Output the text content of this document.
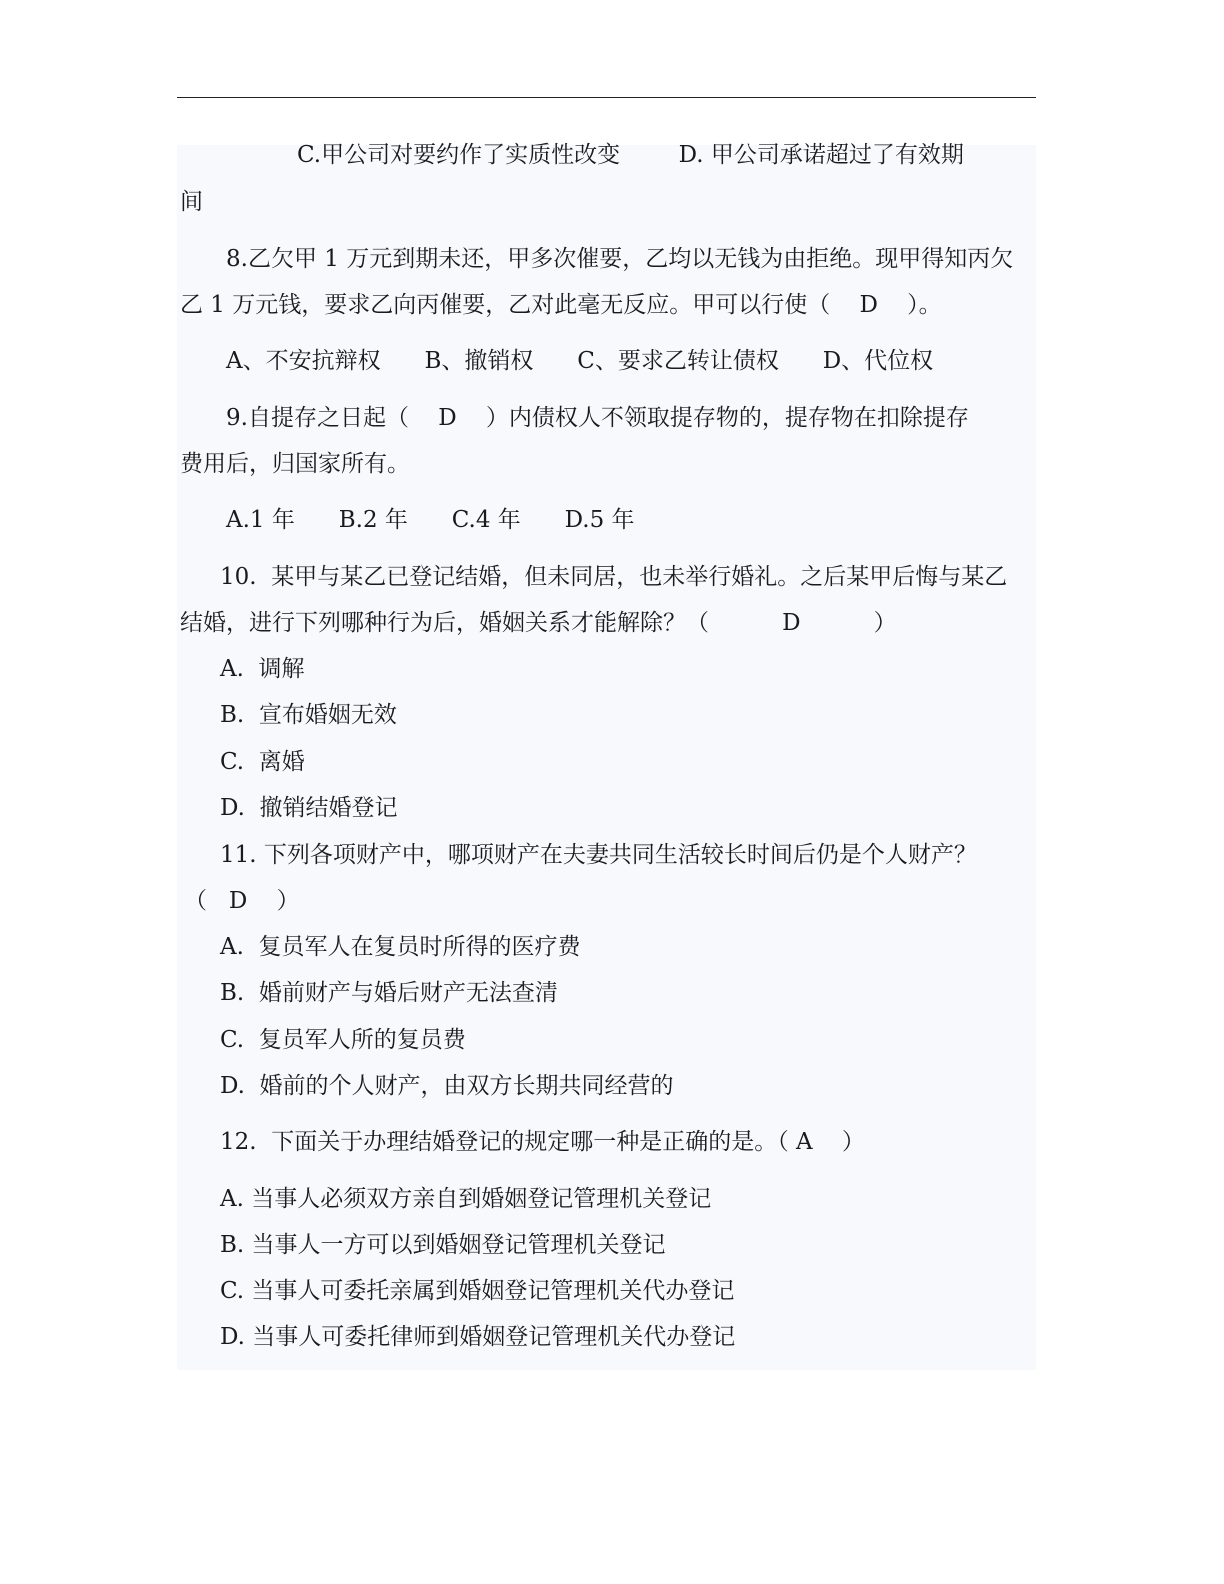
C.甲公司对要约作了实质性改变        D. 甲公司承诺超过了有效期
间
8.乙欠甲 1 万元到期未还，甲多次催要，乙均以无钱为由拒绝。现甲得知丙欠
乙 1 万元钱，要求乙向丙催要，乙对此毫无反应。甲可以行使（    D    ）。
A、不安抗辩权      B、撤销权      C、要求乙转让债权      D、代位权
9.自提存之日起（    D    ）内债权人不领取提存物的，提存物在扣除提存
费用后，归国家所有。
A.1 年      B.2 年      C.4 年      D.5 年
10.  某甲与某乙已登记结婚，但未同居，也未举行婚礼。之后某甲后悔与某乙
结婚，进行下列哪种行为后，婚姻关系才能解除？（          D          ）
A.  调解
B.  宣布婚姻无效
C.  离婚
D.  撤销结婚登记
11. 下列各项财产中，哪项财产在夫妻共同生活较长时间后仍是个人财产？
（   D    ）
A.  复员军人在复员时所得的医疗费
B.  婚前财产与婚后财产无法查清
C.  复员军人所的复员费
D.  婚前的个人财产，由双方长期共同经营的
12.  下面关于办理结婚登记的规定哪一种是正确的是。（ A    ）
A. 当事人必须双方亲自到婚姻登记管理机关登记
B. 当事人一方可以到婚姻登记管理机关登记
C. 当事人可委托亲属到婚姻登记管理机关代办登记
D. 当事人可委托律师到婚姻登记管理机关代办登记
